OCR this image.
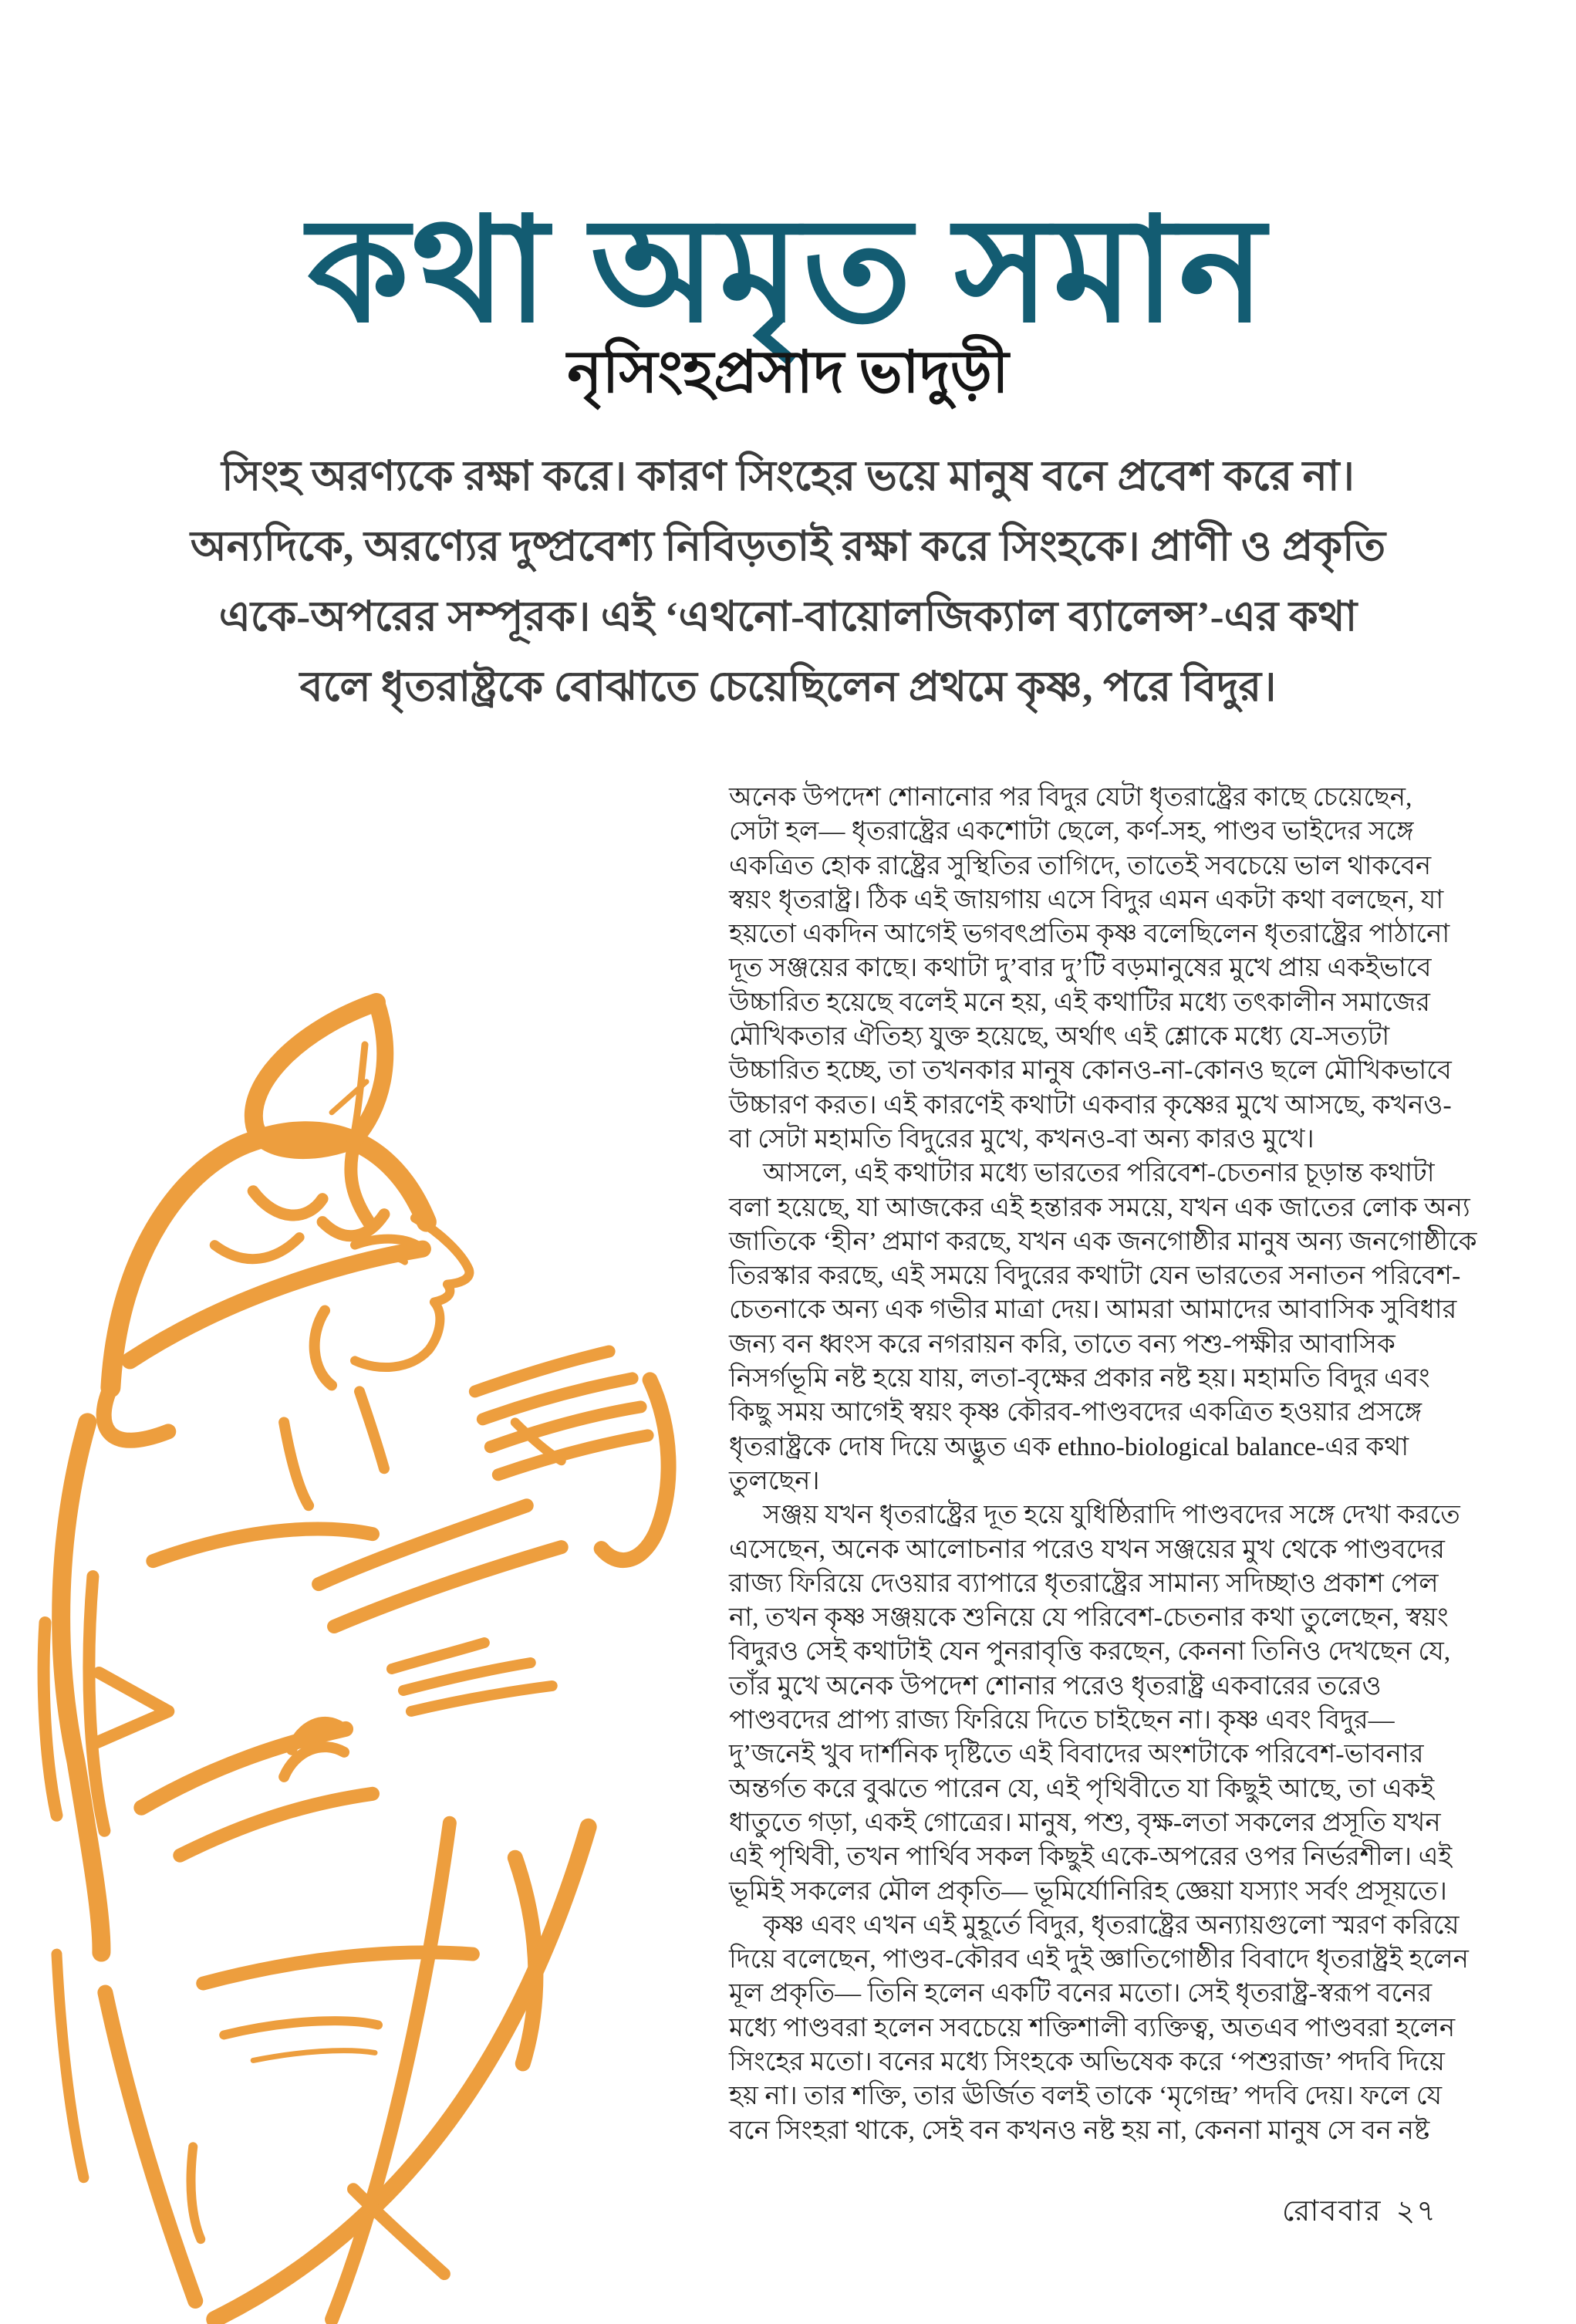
কথা অমৃত সমান
নৃসিংহপ্রসাদ ভাদুড়ী
সিংহ অরণ্যকে রক্ষা করে। কারণ সিংহের ভয়ে মানুষ বনে প্রবেশ করে না।
অন্যদিকে, অরণ্যের দুষ্প্রবেশ্য নিবিড়তাই রক্ষা করে সিংহকে। প্রাণী ও প্রকৃতি
একে-অপরের সম্পূরক। এই ‘এথনো-বায়োলজিক্যাল ব্যালেন্স’-এর কথা
বলে ধৃতরাষ্ট্রকে বোঝাতে চেয়েছিলেন প্রথমে কৃষ্ণ, পরে বিদুর।
অনেক উপদেশ শোনানোর পর বিদুর যেটা ধৃতরাষ্ট্রের কাছে চেয়েছেন,
সেটা হল— ধৃতরাষ্ট্রের একশোটা ছেলে, কর্ণ-সহ, পাণ্ডব ভাইদের সঙ্গে
একত্রিত হোক রাষ্ট্রের সুস্থিতির তাগিদে, তাতেই সবচেয়ে ভাল থাকবেন
স্বয়ং ধৃতরাষ্ট্র। ঠিক এই জায়গায় এসে বিদুর এমন একটা কথা বলছেন, যা
হয়তো একদিন আগেই ভগবৎপ্রতিম কৃষ্ণ বলেছিলেন ধৃতরাষ্ট্রের পাঠানো
দূত সঞ্জয়ের কাছে। কথাটা দু’বার দু’টি বড়মানুষের মুখে প্রায় একইভাবে
উচ্চারিত হয়েছে বলেই মনে হয়, এই কথাটির মধ্যে তৎকালীন সমাজের
মৌখিকতার ঐতিহ্য যুক্ত হয়েছে, অর্থাৎ এই শ্লোকে মধ্যে যে-সত্যটা
উচ্চারিত হচ্ছে, তা তখনকার মানুষ কোনও-না-কোনও ছলে মৌখিকভাবে
উচ্চারণ করত। এই কারণেই কথাটা একবার কৃষ্ণের মুখে আসছে, কখনও-
বা সেটা মহামতি বিদুরের মুখে, কখনও-বা অন্য কারও মুখে।
আসলে, এই কথাটার মধ্যে ভারতের পরিবেশ-চেতনার চূড়ান্ত কথাটা
বলা হয়েছে, যা আজকের এই হন্তারক সময়ে, যখন এক জাতের লোক অন্য
জাতিকে ‘হীন’ প্রমাণ করছে, যখন এক জনগোষ্ঠীর মানুষ অন্য জনগোষ্ঠীকে
তিরস্কার করছে, এই সময়ে বিদুরের কথাটা যেন ভারতের সনাতন পরিবেশ-
চেতনাকে অন্য এক গভীর মাত্রা দেয়। আমরা আমাদের আবাসিক সুবিধার
জন্য বন ধ্বংস করে নগরায়ন করি, তাতে বন্য পশু-পক্ষীর আবাসিক
নিসর্গভূমি নষ্ট হয়ে যায়, লতা-বৃক্ষের প্রকার নষ্ট হয়। মহামতি বিদুর এবং
কিছু সময় আগেই স্বয়ং কৃষ্ণ কৌরব-পাণ্ডবদের একত্রিত হওয়ার প্রসঙ্গে
ধৃতরাষ্ট্রকে দোষ দিয়ে অদ্ভুত এক ethno-biological balance-এর কথা
তুলছেন।
সঞ্জয় যখন ধৃতরাষ্ট্রের দূত হয়ে যুধিষ্ঠিরাদি পাণ্ডবদের সঙ্গে দেখা করতে
এসেছেন, অনেক আলোচনার পরেও যখন সঞ্জয়ের মুখ থেকে পাণ্ডবদের
রাজ্য ফিরিয়ে দেওয়ার ব্যাপারে ধৃতরাষ্ট্রের সামান্য সদিচ্ছাও প্রকাশ পেল
না, তখন কৃষ্ণ সঞ্জয়কে শুনিয়ে যে পরিবেশ-চেতনার কথা তুলেছেন, স্বয়ং
বিদুরও সেই কথাটাই যেন পুনরাবৃত্তি করছেন, কেননা তিনিও দেখছেন যে,
তাঁর মুখে অনেক উপদেশ শোনার পরেও ধৃতরাষ্ট্র একবারের তরেও
পাণ্ডবদের প্রাপ্য রাজ্য ফিরিয়ে দিতে চাইছেন না। কৃষ্ণ এবং বিদুর—
দু’জনেই খুব দার্শনিক দৃষ্টিতে এই বিবাদের অংশটাকে পরিবেশ-ভাবনার
অন্তর্গত করে বুঝতে পারেন যে, এই পৃথিবীতে যা কিছুই আছে, তা একই
ধাতুতে গড়া, একই গোত্রের। মানুষ, পশু, বৃক্ষ-লতা সকলের প্রসূতি যখন
এই পৃথিবী, তখন পার্থিব সকল কিছুই একে-অপরের ওপর নির্ভরশীল। এই
ভূমিই সকলের মৌল প্রকৃতি— ভূমির্যোনিরিহ জ্ঞেয়া যস্যাং সর্বং প্রসূয়তে।
কৃষ্ণ এবং এখন এই মুহূর্তে বিদুর, ধৃতরাষ্ট্রের অন্যায়গুলো স্মরণ করিয়ে
দিয়ে বলেছেন, পাণ্ডব-কৌরব এই দুই জ্ঞাতিগোষ্ঠীর বিবাদে ধৃতরাষ্ট্রই হলেন
মূল প্রকৃতি— তিনি হলেন একটি বনের মতো। সেই ধৃতরাষ্ট্র-স্বরূপ বনের
মধ্যে পাণ্ডবরা হলেন সবচেয়ে শক্তিশালী ব্যক্তিত্ব, অতএব পাণ্ডবরা হলেন
সিংহের মতো। বনের মধ্যে সিংহকে অভিষেক করে ‘পশুরাজ’ পদবি দিয়ে
হয় না। তার শক্তি, তার ঊর্জিত বলই তাকে ‘মৃগেন্দ্র’ পদবি দেয়। ফলে যে
বনে সিংহরা থাকে, সেই বন কখনও নষ্ট হয় না, কেননা মানুষ সে বন নষ্ট
রোববার ২৭
